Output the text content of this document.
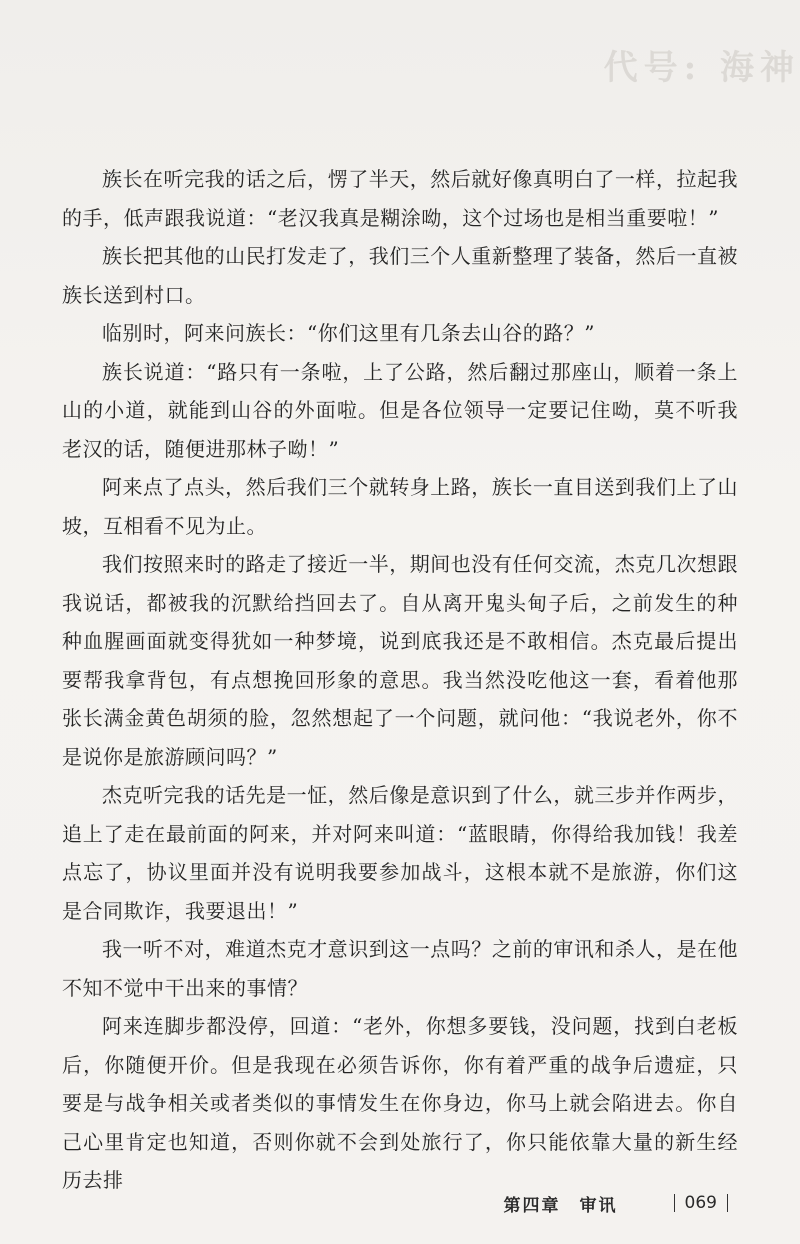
代号: 海神

族长在听完我的话之后，愣了半天，然后就好像真明白了一样，拉起我的手，低声跟我说道：“老汉我真是糊涂呦，这个过场也是相当重要啦！”

族长把其他的山民打发走了，我们三个人重新整理了装备，然后一直被族长送到村口。

临别时，阿来问族长：“你们这里有几条去山谷的路？”

族长说道：“路只有一条啦，上了公路，然后翻过那座山，顺着一条上山的小道，就能到山谷的外面啦。但是各位领导一定要记住呦，莫不听我老汉的话，随便进那林子呦！”

阿来点了点头，然后我们三个就转身上路，族长一直目送到我们上了山坡，互相看不见为止。

我们按照来时的路走了接近一半，期间也没有任何交流，杰克几次想跟我说话，都被我的沉默给挡回去了。自从离开鬼头甸子后，之前发生的种种血腥画面就变得犹如一种梦境，说到底我还是不敢相信。杰克最后提出要帮我拿背包，有点想挽回形象的意思。我当然没吃他这一套，看着他那张长满金黄色胡须的脸，忽然想起了一个问题，就问他：“我说老外，你不是说你是旅游顾问吗？”

杰克听完我的话先是一怔，然后像是意识到了什么，就三步并作两步，追上了走在最前面的阿来，并对阿来叫道：“蓝眼睛，你得给我加钱！我差点忘了，协议里面并没有说明我要参加战斗，这根本就不是旅游，你们这是合同欺诈，我要退出！”

我一听不对，难道杰克才意识到这一点吗？之前的审讯和杀人，是在他不知不觉中干出来的事情？

阿来连脚步都没停，回道：“老外，你想多要钱，没问题，找到白老板后，你随便开价。但是我现在必须告诉你，你有着严重的战争后遗症，只要是与战争相关或者类似的事情发生在你身边，你马上就会陷进去。你自己心里肯定也知道，否则你就不会到处旅行了，你只能依靠大量的新生经历去排

第四章　审讯	069
